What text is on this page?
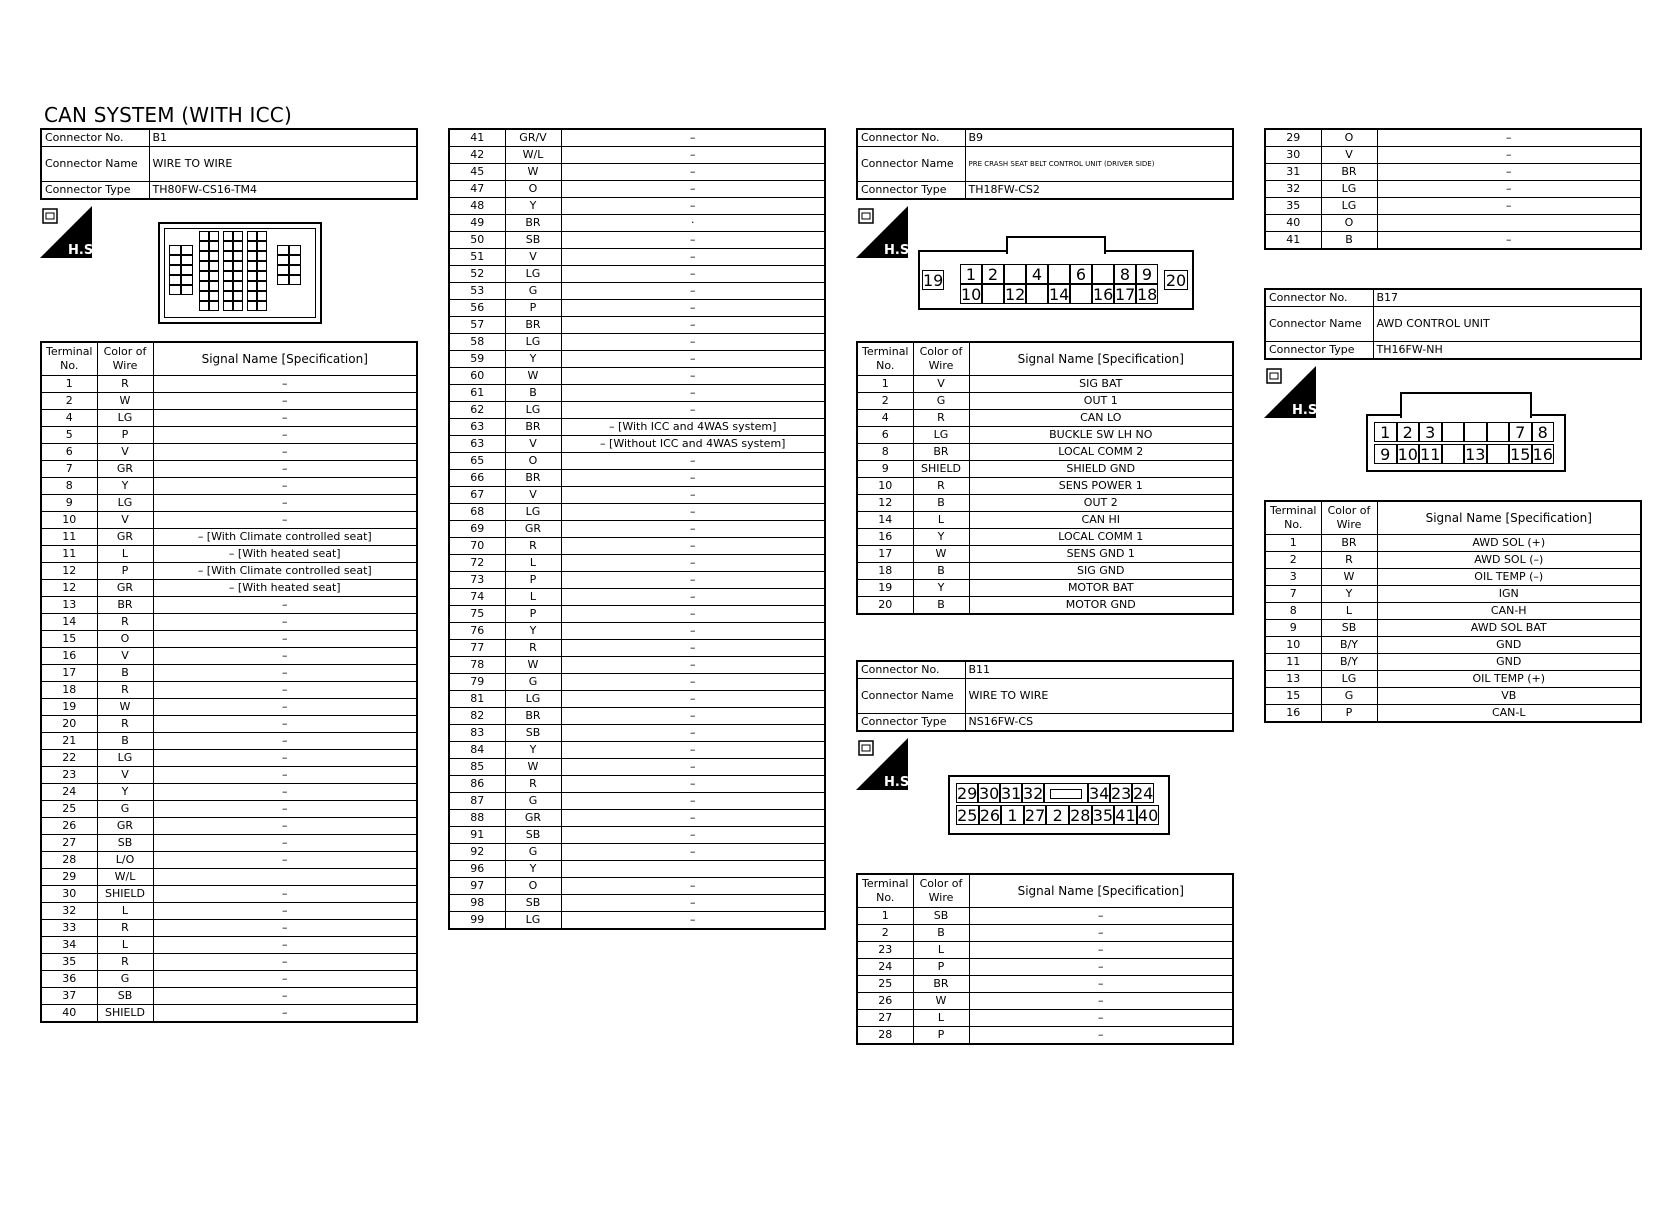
CAN SYSTEM (WITH ICC)
Connector No.	B1
Connector Name	WIRE TO WIRE
Connector Type	TH80FW-CS16-TM4
H.S.
Terminal No.	Color of Wire	Signal Name [Specification]
1	R	–
2	W	–
4	LG	–
5	P	–
6	V	–
7	GR	–
8	Y	–
9	LG	–
10	V	–
11	GR	– [With Climate controlled seat]
11	L	– [With heated seat]
12	P	– [With Climate controlled seat]
12	GR	– [With heated seat]
13	BR	–
14	R	–
15	O	–
16	V	–
17	B	–
18	R	–
19	W	–
20	R	–
21	B	–
22	LG	–
23	V	–
24	Y	–
25	G	–
26	GR	–
27	SB	–
28	L/O	–
29	W/L	
30	SHIELD	–
32	L	–
33	R	–
34	L	–
35	R	–
36	G	–
37	SB	–
40	SHIELD	–
41	GR/V	–
42	W/L	–
45	W	–
47	O	–
48	Y	–
49	BR	·
50	SB	–
51	V	–
52	LG	–
53	G	–
56	P	–
57	BR	–
58	LG	–
59	Y	–
60	W	–
61	B	–
62	LG	–
63	BR	– [With ICC and 4WAS system]
63	V	– [Without ICC and 4WAS system]
65	O	–
66	BR	–
67	V	–
68	LG	–
69	GR	–
70	R	–
72	L	–
73	P	–
74	L	–
75	P	–
76	Y	–
77	R	–
78	W	–
79	G	–
81	LG	–
82	BR	–
83	SB	–
84	Y	–
85	W	–
86	R	–
87	G	–
88	GR	–
91	SB	–
92	G	–
96	Y	
97	O	–
98	SB	–
99	LG	–
Connector No.	B9
Connector Name	PRE CRASH SEAT BELT CONTROL UNIT (DRIVER SIDE)
Connector Type	TH18FW-CS2
H.S.
19	20
1 2	4	6	8 9
10 12 14 16 17 18
Terminal No.	Color of Wire	Signal Name [Specification]
1	V	SIG BAT
2	G	OUT 1
4	R	CAN LO
6	LG	BUCKLE SW LH NO
8	BR	LOCAL COMM 2
9	SHIELD	SHIELD GND
10	R	SENS POWER 1
12	B	OUT 2
14	L	CAN HI
16	Y	LOCAL COMM 1
17	W	SENS GND 1
18	B	SIG GND
19	Y	MOTOR BAT
20	B	MOTOR GND
Connector No.	B11
Connector Name	WIRE TO WIRE
Connector Type	NS16FW-CS
H.S.
29 30 31 32	34 23 24
25 26 1 27 2 28 35 41 40
Terminal No.	Color of Wire	Signal Name [Specification]
1	SB	–
2	B	–
23	L	–
24	P	–
25	BR	–
26	W	–
27	L	–
28	P	–
29	O	–
30	V	–
31	BR	–
32	LG	–
35	LG	–
40	O	
41	B	–
Connector No.	B17
Connector Name	AWD CONTROL UNIT
Connector Type	TH16FW-NH
H.S.
1 2 3	7 8
9 10 11 13 15 16
Terminal No.	Color of Wire	Signal Name [Specification]
1	BR	AWD SOL (+)
2	R	AWD SOL (–)
3	W	OIL TEMP (–)
7	Y	IGN
8	L	CAN-H
9	SB	AWD SOL BAT
10	B/Y	GND
11	B/Y	GND
13	LG	OIL TEMP (+)
15	G	VB
16	P	CAN-L
